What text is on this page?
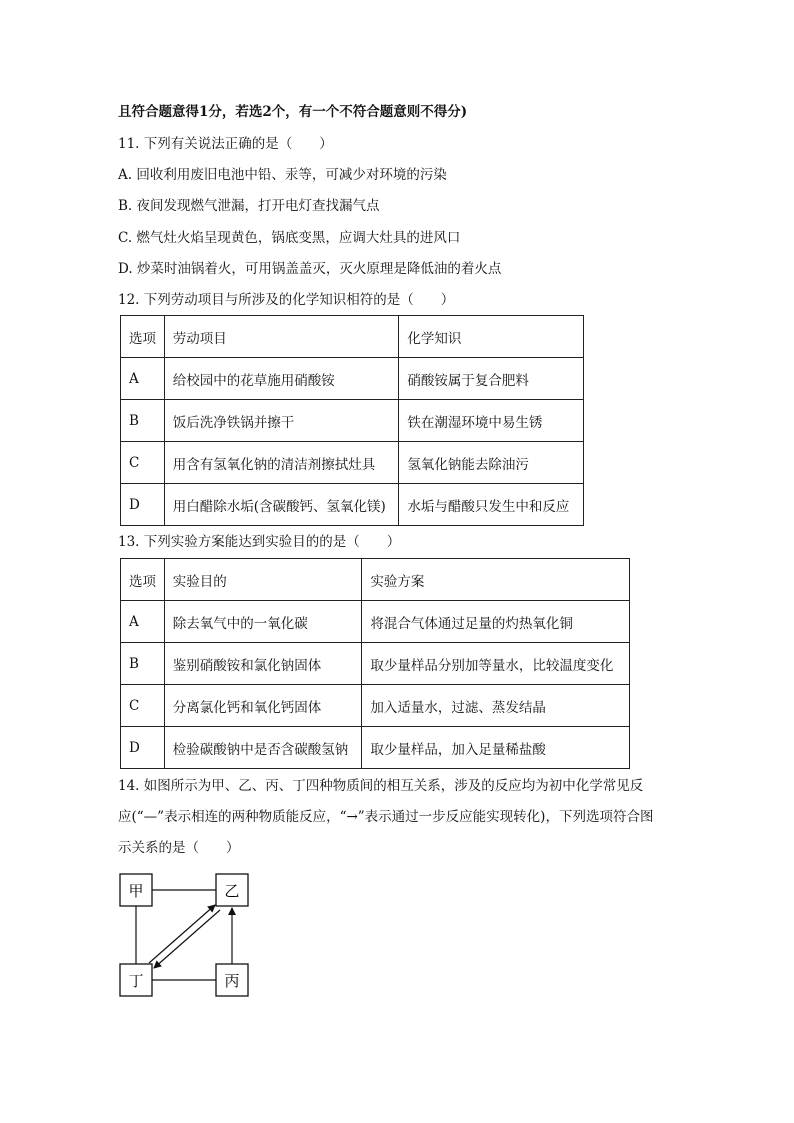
且符合题意得1分，若选2个，有一个不符合题意则不得分)
11. 下列有关说法正确的是（　　）
A. 回收利用废旧电池中铅、汞等，可减少对环境的污染
B. 夜间发现燃气泄漏，打开电灯查找漏气点
C. 燃气灶火焰呈现黄色，锅底变黑，应调大灶具的进风口
D. 炒菜时油锅着火，可用锅盖盖灭，灭火原理是降低油的着火点
12. 下列劳动项目与所涉及的化学知识相符的是（　　）
选项	劳动项目	化学知识
A	给校园中的花草施用硝酸铵	硝酸铵属于复合肥料
B	饭后洗净铁锅并擦干	铁在潮湿环境中易生锈
C	用含有氢氧化钠的清洁剂擦拭灶具	氢氧化钠能去除油污
D	用白醋除水垢(含碳酸钙、氢氧化镁)	水垢与醋酸只发生中和反应
13. 下列实验方案能达到实验目的的是（　　）
选项	实验目的	实验方案
A	除去氧气中的一氧化碳	将混合气体通过足量的灼热氧化铜
B	鉴别硝酸铵和氯化钠固体	取少量样品分别加等量水，比较温度变化
C	分离氯化钙和氧化钙固体	加入适量水，过滤、蒸发结晶
D	检验碳酸钠中是否含碳酸氢钠	取少量样品，加入足量稀盐酸
14. 如图所示为甲、乙、丙、丁四种物质间的相互关系，涉及的反应均为初中化学常见反
应(“—”表示相连的两种物质能反应，“→”表示通过一步反应能实现转化)，下列选项符合图
示关系的是（　　）
甲	乙
丁	丙
